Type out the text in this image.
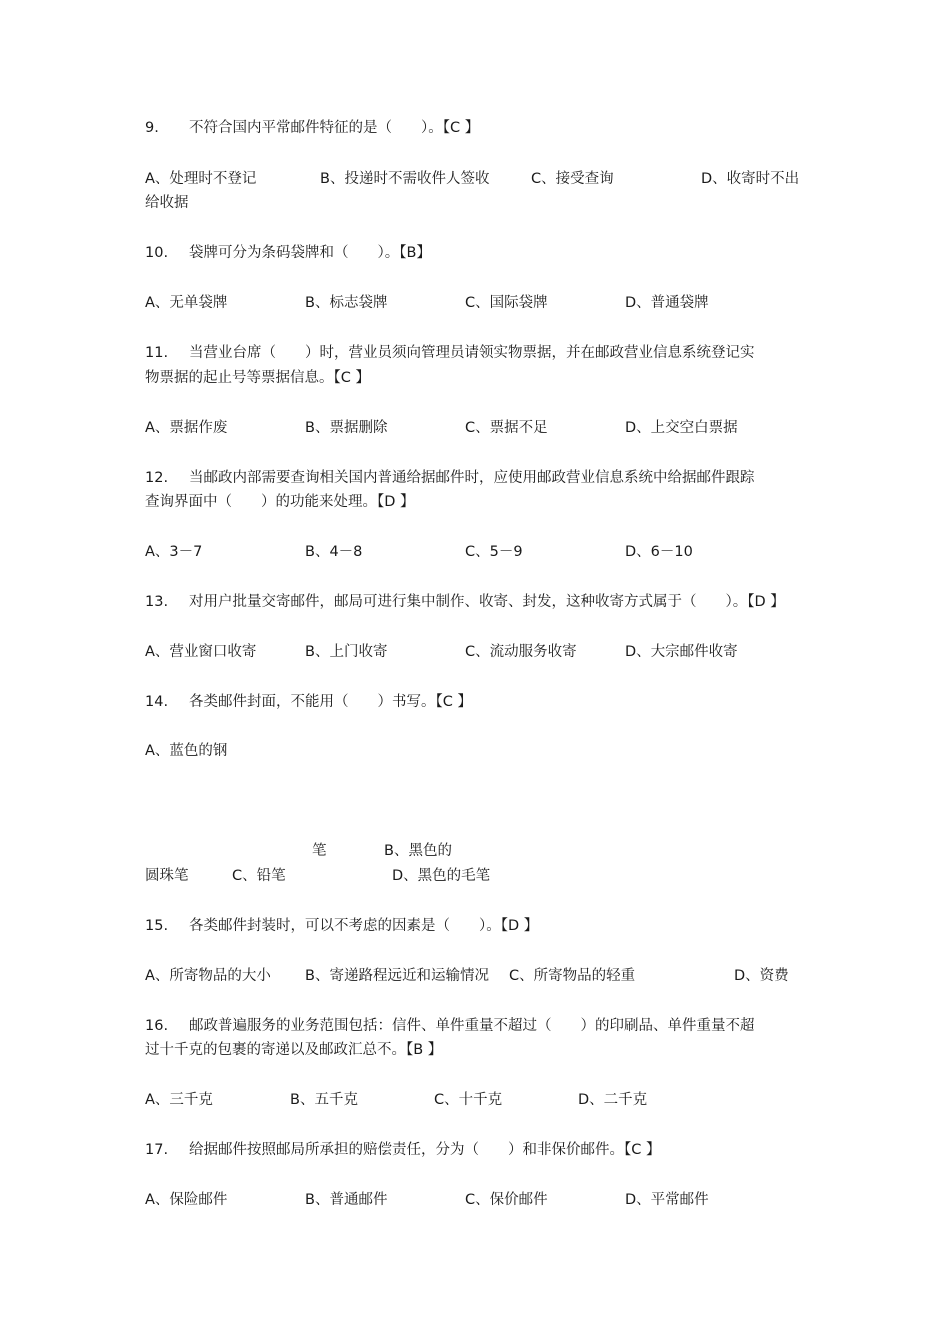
9. 不符合国内平常邮件特征的是（　　）。【C 】
A、处理时不登记	B、投递时不需收件人签收	C、接受查询	D、收寄时不出
给收据
10. 袋牌可分为条码袋牌和（　　）。【B】
A、无单袋牌	B、标志袋牌	C、国际袋牌	D、普通袋牌
11. 当营业台席（　　）时，营业员须向管理员请领实物票据，并在邮政营业信息系统登记实
物票据的起止号等票据信息。【C 】
A、票据作废	B、票据删除	C、票据不足	D、上交空白票据
12. 当邮政内部需要查询相关国内普通给据邮件时，应使用邮政营业信息系统中给据邮件跟踪
查询界面中（　　）的功能来处理。【D 】
A、3－7	B、4－8	C、5－9	D、6－10
13. 对用户批量交寄邮件，邮局可进行集中制作、收寄、封发，这种收寄方式属于（　　）。【D 】
A、营业窗口收寄	B、上门收寄	C、流动服务收寄	D、大宗邮件收寄
14. 各类邮件封面，不能用（　　）书写。【C 】
A、蓝色的钢
笔	B、黑色的
圆珠笔	C、铅笔	D、黑色的毛笔
15. 各类邮件封装时，可以不考虑的因素是（　　）。【D 】
A、所寄物品的大小 B、寄递路程远近和运输情况 C、所寄物品的轻重	D、资费
16. 邮政普遍服务的业务范围包括：信件、单件重量不超过（　　）的印刷品、单件重量不超
过十千克的包裹的寄递以及邮政汇总不。【B 】
A、三千克	B、五千克	C、十千克	D、二千克
17. 给据邮件按照邮局所承担的赔偿责任，分为（　　）和非保价邮件。【C 】
A、保险邮件	B、普通邮件	C、保价邮件	D、平常邮件
